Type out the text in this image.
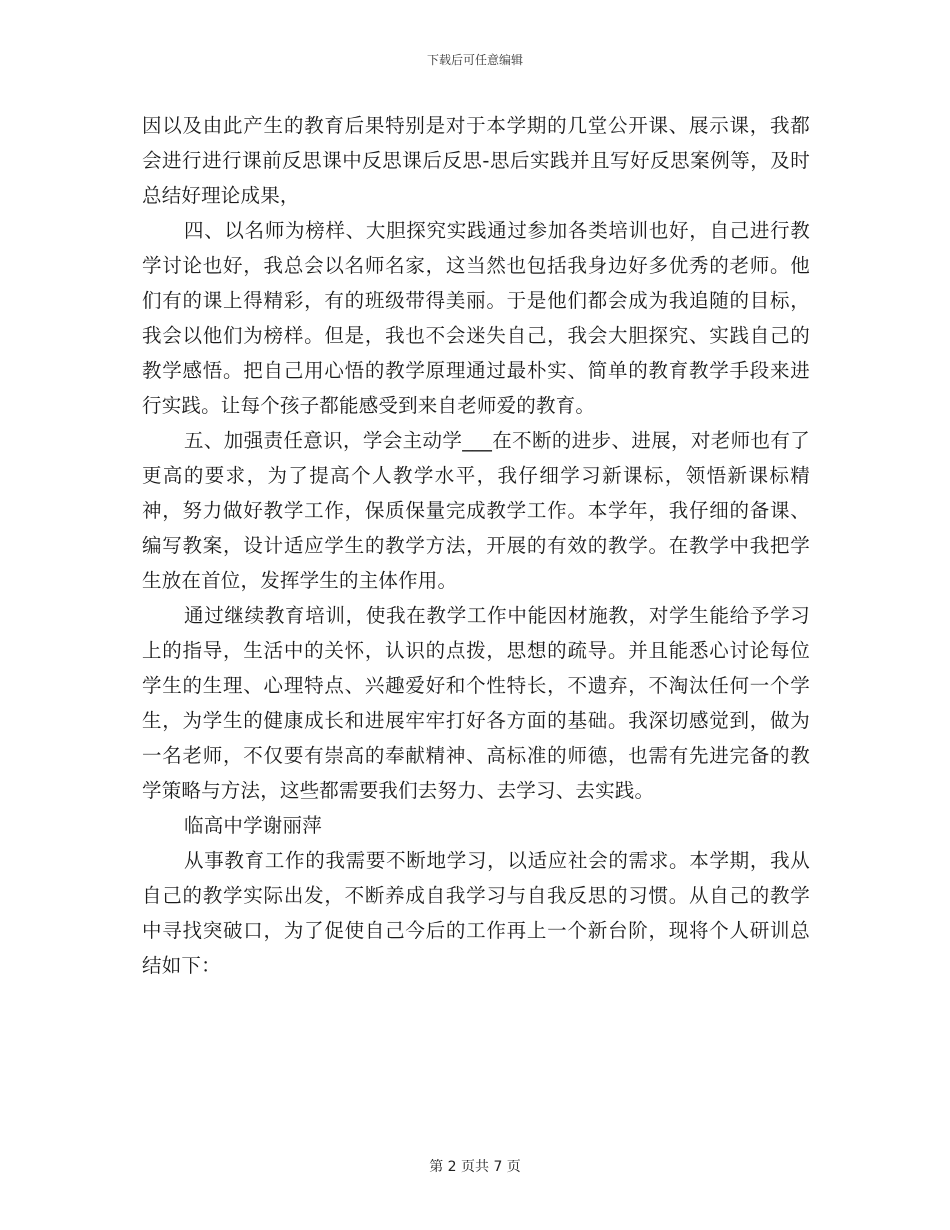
下载后可任意编辑

因以及由此产生的教育后果特别是对于本学期的几堂公开课、展示课，我都会进行进行课前反思课中反思课后反思-思后实践并且写好反思案例等，及时总结好理论成果，

四、以名师为榜样、大胆探究实践通过参加各类培训也好，自己进行教学讨论也好，我总会以名师名家，这当然也包括我身边好多优秀的老师。他们有的课上得精彩，有的班级带得美丽。于是他们都会成为我追随的目标，我会以他们为榜样。但是，我也不会迷失自己，我会大胆探究、实践自己的教学感悟。把自己用心悟的教学原理通过最朴实、简单的教育教学手段来进行实践。让每个孩子都能感受到来自老师爱的教育。

五、加强责任意识，学会主动学___在不断的进步、进展，对老师也有了更高的要求，为了提高个人教学水平，我仔细学习新课标，领悟新课标精神，努力做好教学工作，保质保量完成教学工作。本学年，我仔细的备课、编写教案，设计适应学生的教学方法，开展的有效的教学。在教学中我把学生放在首位，发挥学生的主体作用。

通过继续教育培训，使我在教学工作中能因材施教，对学生能给予学习上的指导，生活中的关怀，认识的点拨，思想的疏导。并且能悉心讨论每位学生的生理、心理特点、兴趣爱好和个性特长，不遗弃，不淘汰任何一个学生，为学生的健康成长和进展牢牢打好各方面的基础。我深切感觉到，做为一名老师，不仅要有崇高的奉献精神、高标准的师德，也需有先进完备的教学策略与方法，这些都需要我们去努力、去学习、去实践。

临高中学谢丽萍

从事教育工作的我需要不断地学习，以适应社会的需求。本学期，我从自己的教学实际出发，不断养成自我学习与自我反思的习惯。从自己的教学中寻找突破口，为了促使自己今后的工作再上一个新台阶，现将个人研训总结如下：

第 2 页共 7 页
